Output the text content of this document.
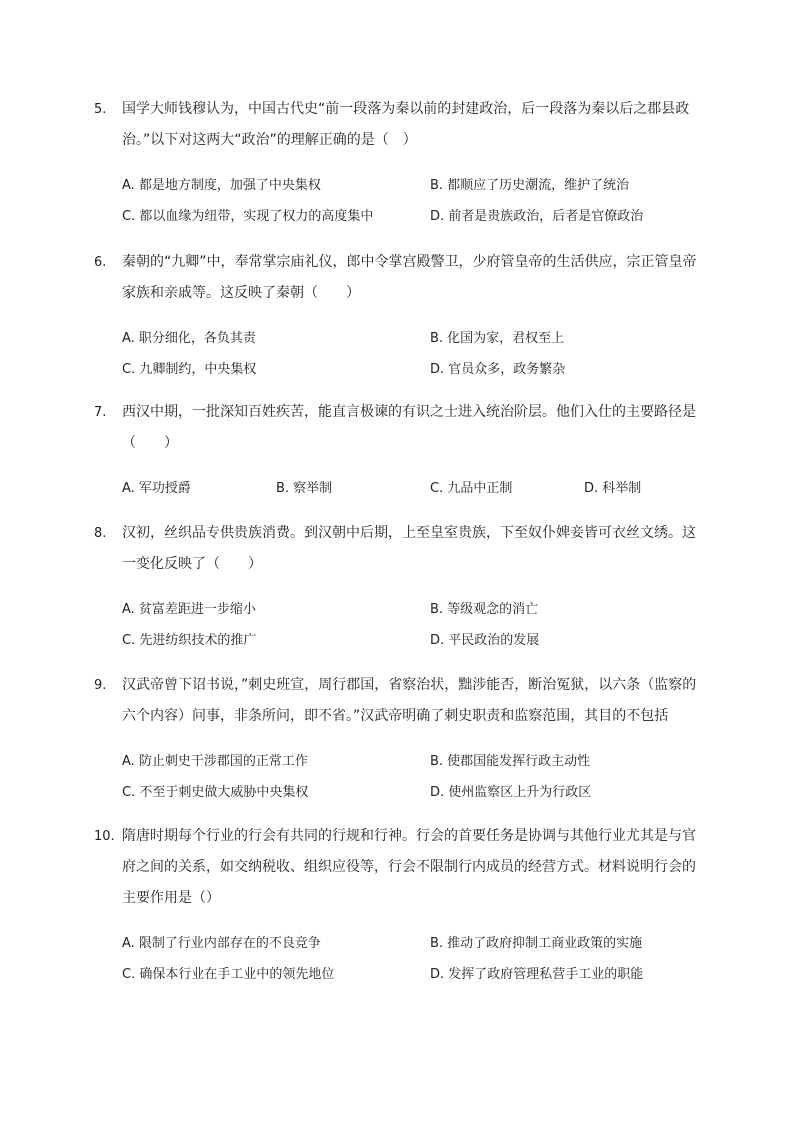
5. 国学大师钱穆认为，中国古代史“前一段落为秦以前的封建政治，后一段落为秦以后之郡县政治。”以下对这两大“政治”的理解正确的是（　）
A. 都是地方制度，加强了中央集权	B. 都顺应了历史潮流，维护了统治
C. 都以血缘为纽带，实现了权力的高度集中	D. 前者是贵族政治，后者是官僚政治
6. 秦朝的“九卿”中，奉常掌宗庙礼仪，郎中令掌宫殿警卫，少府管皇帝的生活供应，宗正管皇帝家族和亲戚等。这反映了秦朝（　　）
A. 职分细化，各负其责	B. 化国为家，君权至上
C. 九卿制约，中央集权	D. 官员众多，政务繁杂
7. 西汉中期，一批深知百姓疾苦，能直言极谏的有识之士进入统治阶层。他们入仕的主要路径是（　　）
A. 军功授爵	B. 察举制	C. 九品中正制	D. 科举制
8. 汉初，丝织品专供贵族消费。到汉朝中后期，上至皇室贵族，下至奴仆婢妾皆可衣丝文绣。这一变化反映了（　　）
A. 贫富差距进一步缩小	B. 等级观念的消亡
C. 先进纺织技术的推广	D. 平民政治的发展
9. 汉武帝曾下诏书说，”刺史班宣，周行郡国，省察治状，黜涉能否，断治冤狱，以六条（监察的六个内容）问事，非条所问，即不省。”汉武帝明确了刺史职责和监察范围，其目的不包括
A. 防止刺史干涉郡国的正常工作	B. 使郡国能发挥行政主动性
C. 不至于刺史做大威胁中央集权	D. 使州监察区上升为行政区
10. 隋唐时期每个行业的行会有共同的行规和行神。行会的首要任务是协调与其他行业尤其是与官府之间的关系，如交纳税收、组织应役等，行会不限制行内成员的经营方式。材料说明行会的主要作用是（）
A. 限制了行业内部存在的不良竞争	B. 推动了政府抑制工商业政策的实施
C. 确保本行业在手工业中的领先地位	D. 发挥了政府管理私营手工业的职能
